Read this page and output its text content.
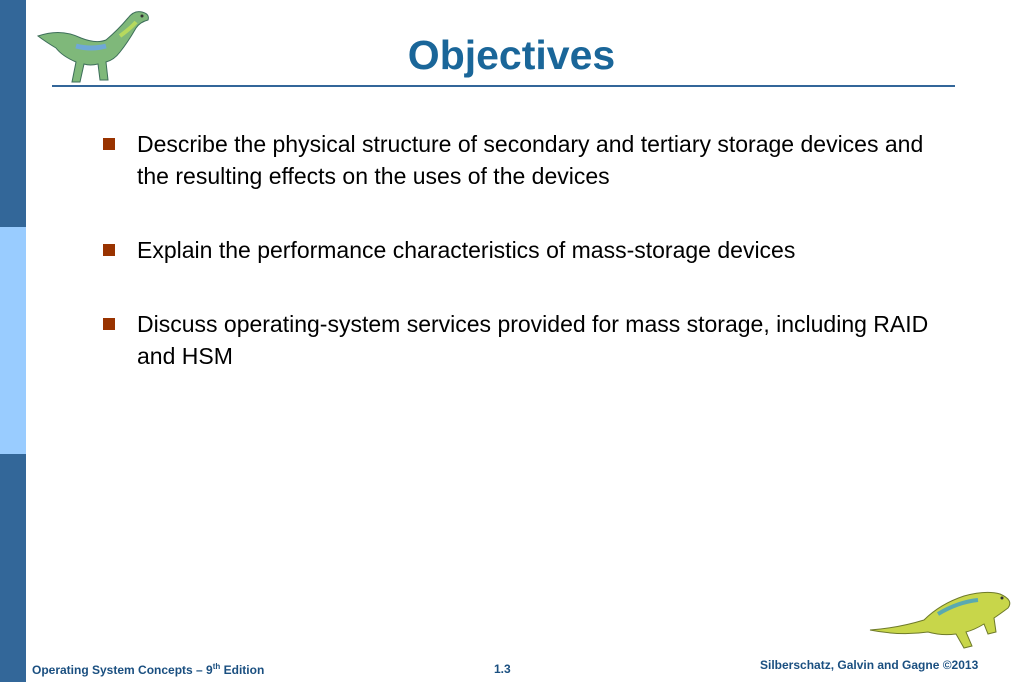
Objectives
Describe the physical structure of secondary and tertiary storage devices and the resulting effects on the uses of the devices
Explain the performance characteristics of mass-storage devices
Discuss operating-system services provided for mass storage, including RAID and HSM
Operating System Concepts – 9th Edition	1.3	Silberschatz, Galvin and Gagne ©2013
